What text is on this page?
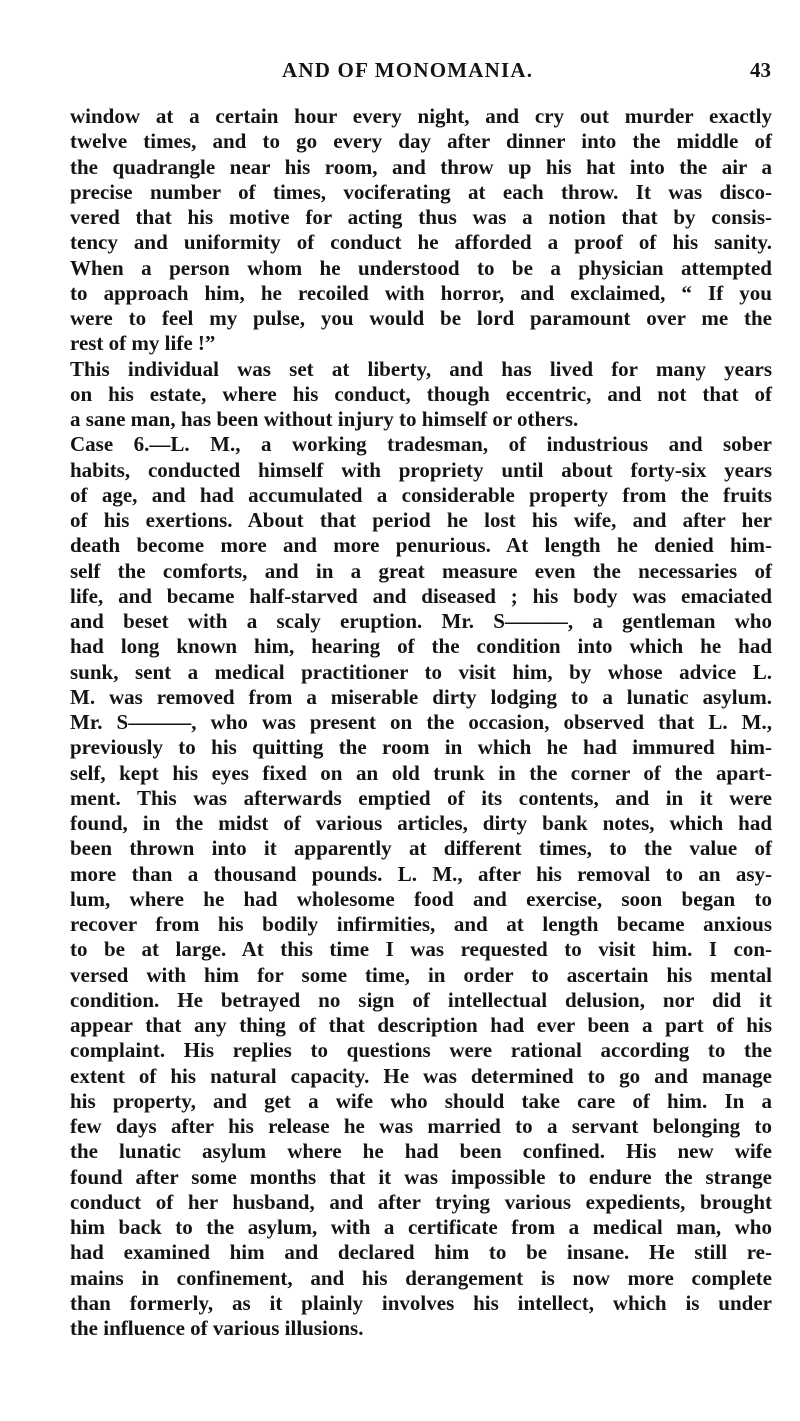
AND OF MONOMANIA.	43
window at a certain hour every night, and cry out murder exactly
twelve times, and to go every day after dinner into the middle of
the quadrangle near his room, and throw up his hat into the air a
precise number of times, vociferating at each throw. It was disco-
vered that his motive for acting thus was a notion that by consis-
tency and uniformity of conduct he afforded a proof of his sanity.
When a person whom he understood to be a physician attempted
to approach him, he recoiled with horror, and exclaimed, “ If you
were to feel my pulse, you would be lord paramount over me the
rest of my life !”
This individual was set at liberty, and has lived for many years
on his estate, where his conduct, though eccentric, and not that of
a sane man, has been without injury to himself or others.
Case 6.—L. M., a working tradesman, of industrious and sober
habits, conducted himself with propriety until about forty-six years
of age, and had accumulated a considerable property from the fruits
of his exertions. About that period he lost his wife, and after her
death become more and more penurious. At length he denied him-
self the comforts, and in a great measure even the necessaries of
life, and became half-starved and diseased ; his body was emaciated
and beset with a scaly eruption. Mr. S———, a gentleman who
had long known him, hearing of the condition into which he had
sunk, sent a medical practitioner to visit him, by whose advice L.
M. was removed from a miserable dirty lodging to a lunatic asylum.
Mr. S———, who was present on the occasion, observed that L. M.,
previously to his quitting the room in which he had immured him-
self, kept his eyes fixed on an old trunk in the corner of the apart-
ment. This was afterwards emptied of its contents, and in it were
found, in the midst of various articles, dirty bank notes, which had
been thrown into it apparently at different times, to the value of
more than a thousand pounds. L. M., after his removal to an asy-
lum, where he had wholesome food and exercise, soon began to
recover from his bodily infirmities, and at length became anxious
to be at large. At this time I was requested to visit him. I con-
versed with him for some time, in order to ascertain his mental
condition. He betrayed no sign of intellectual delusion, nor did it
appear that any thing of that description had ever been a part of his
complaint. His replies to questions were rational according to the
extent of his natural capacity. He was determined to go and manage
his property, and get a wife who should take care of him. In a
few days after his release he was married to a servant belonging to
the lunatic asylum where he had been confined. His new wife
found after some months that it was impossible to endure the strange
conduct of her husband, and after trying various expedients, brought
him back to the asylum, with a certificate from a medical man, who
had examined him and declared him to be insane. He still re-
mains in confinement, and his derangement is now more complete
than formerly, as it plainly involves his intellect, which is under
the influence of various illusions.
